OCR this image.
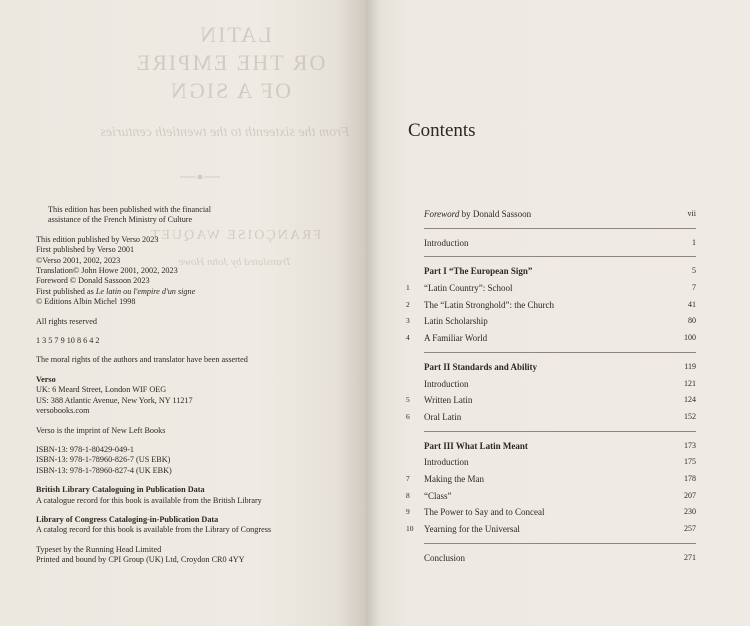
LATIN
OR THE EMPIRE
OF A SIGN
From the sixteenth to the twentieth centuries
FRANÇOISE WAQUET
Translated by John Howe
This edition has been published with the financial
assistance of the French Ministry of Culture
This edition published by Verso 2023
First published by Verso 2001
©Verso 2001, 2002, 2023
Translation© John Howe 2001, 2002, 2023
Foreword © Donald Sassoon 2023
First published as Le latin ou l'empire d'un signe
© Editions Albin Michel 1998
All rights reserved
1 3 5 7 9 10 8 6 4 2
The moral rights of the authors and translator have been asserted
Verso
UK: 6 Meard Street, London WIF OEG
US: 388 Atlantic Avenue, New York, NY 11217
versobooks.com
Verso is the imprint of New Left Books
ISBN-13: 978-1-80429-049-1
ISBN-13: 978-1-78960-826-7 (US EBK)
ISBN-13: 978-1-78960-827-4 (UK EBK)
British Library Cataloguing in Publication Data
A catalogue record for this book is available from the British Library
Library of Congress Cataloging-in-Publication Data
A catalog record for this book is available from the Library of Congress
Typeset by the Running Head Limited
Printed and bound by CPI Group (UK) Ltd, Croydon CR0 4YY
Contents
Foreword by Donald Sassoon	vii
Introduction	1
Part I “The European Sign”	5
1	“Latin Country”: School	7
2	The “Latin Stronghold”: the Church	41
3	Latin Scholarship	80
4	A Familiar World	100
Part II Standards and Ability	119
Introduction	121
5	Written Latin	124
6	Oral Latin	152
Part III What Latin Meant	173
Introduction	175
7	Making the Man	178
8	“Class”	207
9	The Power to Say and to Conceal	230
10	Yearning for the Universal	257
Conclusion	271
